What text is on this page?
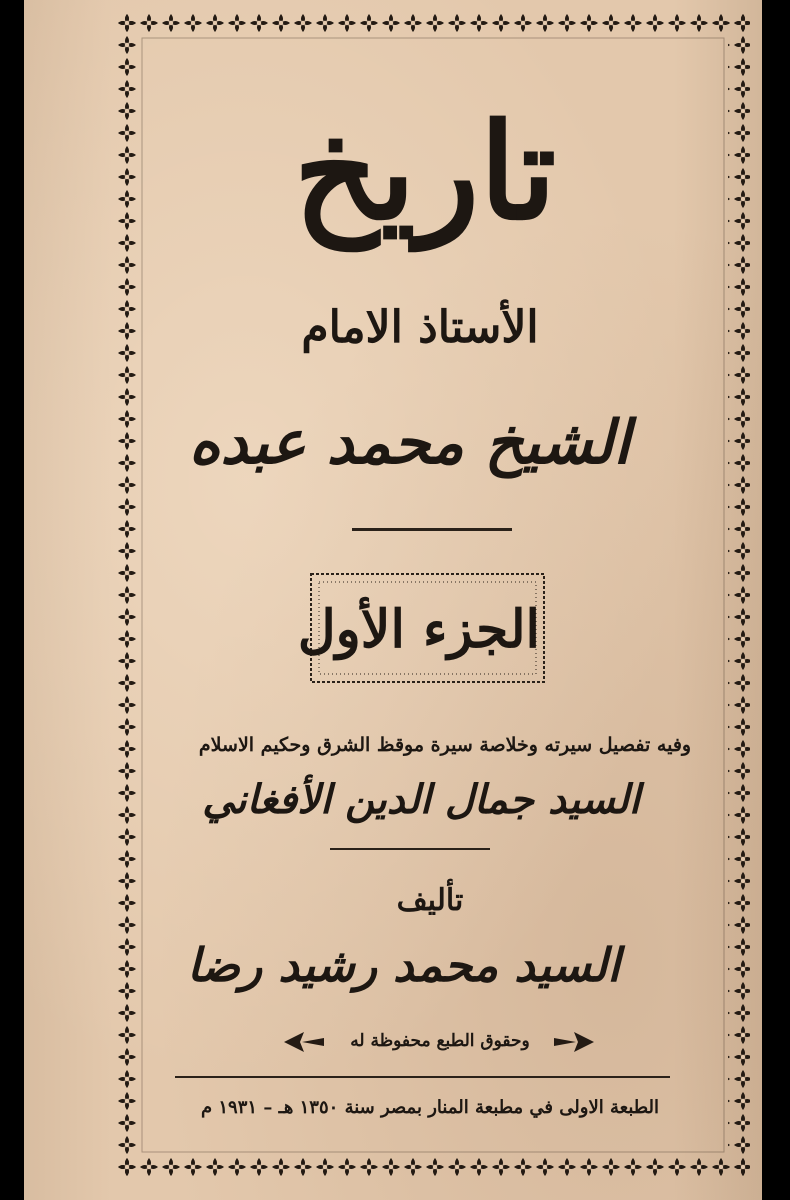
تاريخ
الأستاذ الامام
الشيخ محمد عبده
الجزء الأول
وفيه تفصيل سيرته وخلاصة سيرة موقظ الشرق وحكيم الاسلام
السيد جمال الدين الأفغاني
تأليف
السيد محمد رشيد رضا
وحقوق الطبع محفوظة له
الطبعة الاولى في مطبعة المنار بمصر سنة ١٣٥٠ هـ – ١٩٣١ م
